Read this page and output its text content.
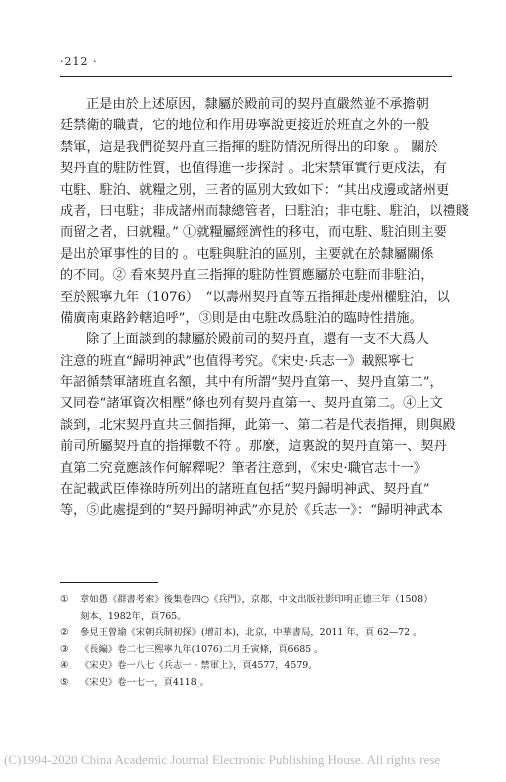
·212 ·
正是由於上述原因，隸屬於殿前司的契丹直嚴然並不承擔朝
廷禁衛的職責，它的地位和作用毋寧說更接近於班直之外的一般
禁軍，這是我們從契丹直三指揮的駐防情況所得出的印象 。 關於
契丹直的駐防性質，也值得進一步探討 。北宋禁軍實行更戍法，有
屯駐、駐泊、就糧之別，三者的區別大致如下：“其出戍邊或諸州更
成者，曰屯駐；非成諸州而隸總管者，曰駐泊；非屯駐、駐泊，以禮賤
而留之者，曰就糧。” ①就糧屬經濟性的移屯，而屯駐、駐泊則主要
是出於軍事性的目的 。屯駐與駐泊的區別，主要就在於隸屬關係
的不同。② 看來契丹直三指揮的駐防性質應屬於屯駐而非駐泊，
至於熙寧九年（1076）　“以壽州契丹直等五指揮赴虔州權駐泊，以
備廣南東路鈐轄追呼”，③則是由屯駐改爲駐泊的臨時性措施。
除了上面談到的隸屬於殿前司的契丹直，還有一支不大爲人
注意的班直“歸明神武”也值得考究。《宋史·兵志一》載熙寧七
年詔循禁軍諸班直名額，其中有所謂“契丹直第一、契丹直第二”，
又同卷“諸軍資次相壓”條也列有契丹直第一、契丹直第二。④上文
談到，北宋契丹直共三個指揮，此第一、第二若是代表指揮，則與殿
前司所屬契丹直的指揮數不符 。那麼，這裏說的契丹直第一、契丹
直第二究竟應該作何解釋呢？筆者注意到，《宋史·職官志十一》
在記載武臣俸祿時所列出的諸班直包括“契丹歸明神武、契丹直”
等，⑤此處提到的“契丹歸明神武”亦見於《兵志一》：“歸明神武本
①	章如愚《群書考索》後集卷四○《兵門》，京都，中文出版社影印明正德三年（1508）
刻本，1982年，頁765。
②	參見王曾瑜《宋朝兵制初探》(增訂本)，北京，中華書局，2011 年，頁 62—72 。
③	《長編》卷二七三熙寧九年(1076)二月壬寅條，頁6685 。
④	《宋史》卷一八七《兵志一 · 禁軍上》，頁4577，4579。
⑤	《宋史》卷一七一，頁4118 。
(C)1994-2020 China Academic Journal Electronic Publishing House. All rights rese
